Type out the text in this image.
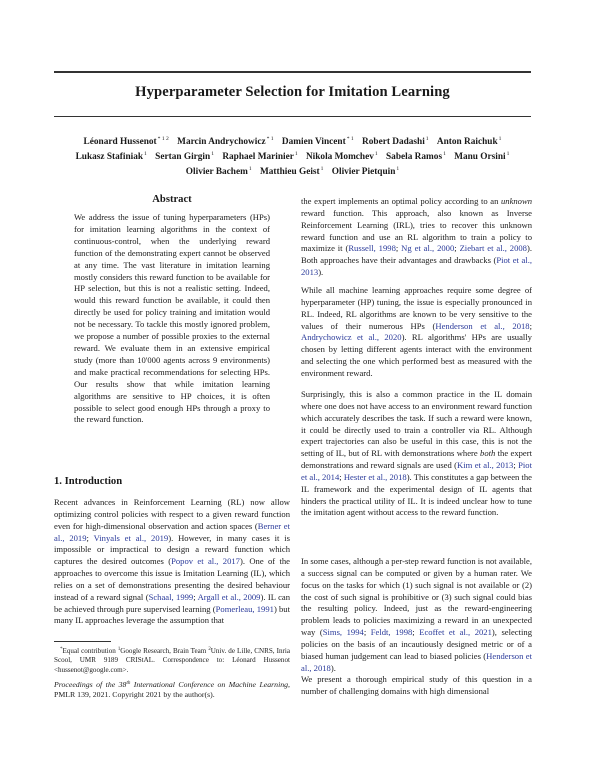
Hyperparameter Selection for Imitation Learning
Léonard Hussenot$^{* 1 2}$ Marcin Andrychowicz$^{* 1}$ Damien Vincent$^{* 1}$ Robert Dadashi$^1$ Anton Raichuk$^1$
Lukasz Stafiniak$^1$ Sertan Girgin$^1$ Raphael Marinier$^1$ Nikola Momchev$^1$ Sabela Ramos$^1$ Manu Orsini$^1$
Olivier Bachem$^1$ Matthieu Geist$^1$ Olivier Pietquin$^1$
Abstract

We address the issue of tuning hyperparameters (HPs) for imitation learning algorithms in the context of continuous-control, when the underlying reward function of the demonstrating expert cannot be observed at any time. The vast literature in imitation learning mostly considers this reward function to be available for HP selection, but this is not a realistic setting. Indeed, would this reward function be available, it could then directly be used for policy training and imitation would not be necessary. To tackle this mostly ignored problem, we propose a number of possible proxies to the external reward. We evaluate them in an extensive empirical study (more than 10'000 agents across 9 environments) and make practical recommendations for selecting HPs. Our results show that while imitation learning algorithms are sensitive to HP choices, it is often possible to select good enough HPs through a proxy to the reward function.

1. Introduction

Recent advances in Reinforcement Learning (RL) now allow optimizing control policies with respect to a given reward function even for high-dimensional observation and action spaces (Berner et al., 2019; Vinyals et al., 2019). However, in many cases it is impossible or impractical to design a reward function which captures the desired outcomes (Popov et al., 2017). One of the approaches to overcome this issue is Imitation Learning (IL), which relies on a set of demonstrations presenting the desired behaviour instead of a reward signal (Schaal, 1999; Argall et al., 2009). IL can be achieved through pure supervised learning (Pomerleau, 1991) but many IL approaches leverage the assumption that

*Equal contribution $^1$Google Research, Brain Team $^2$Univ. de Lille, CNRS, Inria Scool, UMR 9189 CRIStAL. Correspondence to: Léonard Hussenot <hussenot@google.com>.

Proceedings of the 38th International Conference on Machine Learning, PMLR 139, 2021. Copyright 2021 by the author(s).

the expert implements an optimal policy according to an unknown reward function. This approach, also known as Inverse Reinforcement Learning (IRL), tries to recover this unknown reward function and use an RL algorithm to train a policy to maximize it (Russell, 1998; Ng et al., 2000; Ziebart et al., 2008). Both approaches have their advantages and drawbacks (Piot et al., 2013).

While all machine learning approaches require some degree of hyperparameter (HP) tuning, the issue is especially pronounced in RL. Indeed, RL algorithms are known to be very sensitive to the values of their numerous HPs (Henderson et al., 2018; Andrychowicz et al., 2020). RL algorithms' HPs are usually chosen by letting different agents interact with the environment and selecting the one which performed best as measured with the environment reward.

Surprisingly, this is also a common practice in the IL domain where one does not have access to an environment reward function which accurately describes the task. If such a reward were known, it could be directly used to train a controller via RL. Although expert trajectories can also be useful in this case, this is not the setting of IL, but of RL with demonstrations where both the expert demonstrations and reward signals are used (Kim et al., 2013; Piot et al., 2014; Hester et al., 2018). This constitutes a gap between the IL framework and the experimental design of IL agents that hinders the practical utility of IL. It is indeed unclear how to tune the imitation agent without access to the reward function.

In some cases, although a per-step reward function is not available, a success signal can be computed or given by a human rater. We focus on the tasks for which (1) such signal is not available or (2) the cost of such signal is prohibitive or (3) such signal could bias the resulting policy. Indeed, just as the reward-engineering problem leads to policies maximizing a reward in an unexpected way (Sims, 1994; Feldt, 1998; Ecoffet et al., 2021), selecting policies on the basis of an incautiously designed metric or of a biased human judgement can lead to biased policies (Henderson et al., 2018).

We present a thorough empirical study of this question in a number of challenging domains with high dimensional
